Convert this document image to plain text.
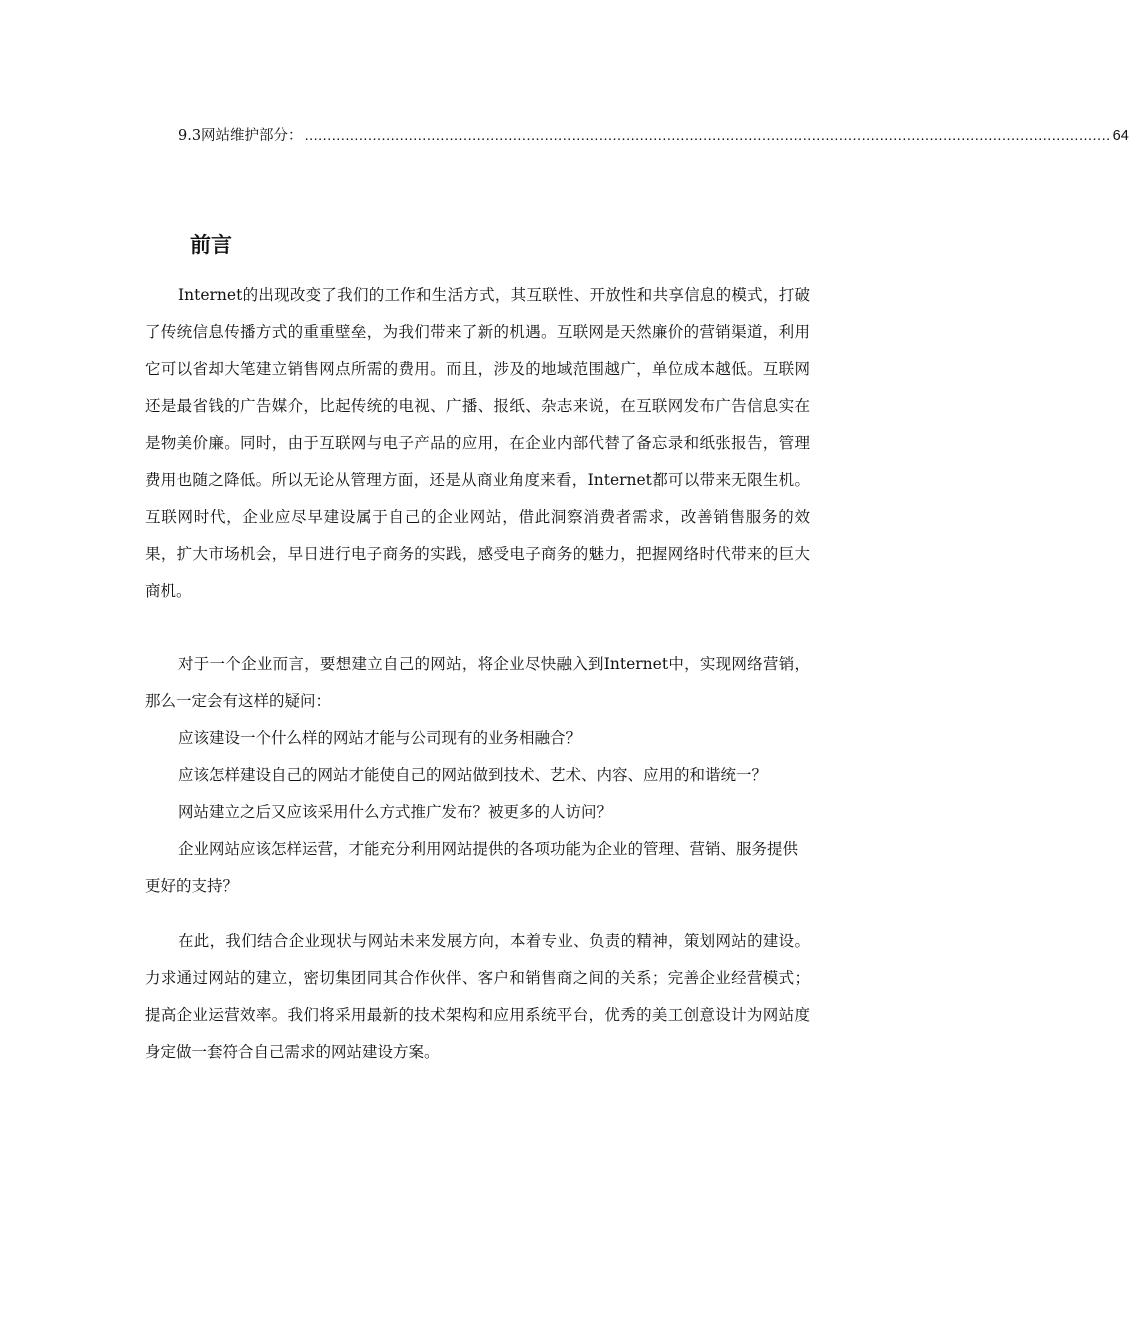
9.3网站维护部分： .................................................................................................................................................................................. 64
前言

Internet的出现改变了我们的工作和生活方式，其互联性、开放性和共享信息的模式，打破了传统信息传播方式的重重壁垒，为我们带来了新的机遇。互联网是天然廉价的营销渠道，利用它可以省却大笔建立销售网点所需的费用。而且，涉及的地域范围越广，单位成本越低。互联网还是最省钱的广告媒介，比起传统的电视、广播、报纸、杂志来说，在互联网发布广告信息实在是物美价廉。同时，由于互联网与电子产品的应用，在企业内部代替了备忘录和纸张报告，管理费用也随之降低。所以无论从管理方面，还是从商业角度来看，Internet都可以带来无限生机。互联网时代，企业应尽早建设属于自己的企业网站，借此洞察消费者需求，改善销售服务的效果，扩大市场机会，早日进行电子商务的实践，感受电子商务的魅力，把握网络时代带来的巨大商机。

对于一个企业而言，要想建立自己的网站，将企业尽快融入到Internet中，实现网络营销，那么一定会有这样的疑问：

应该建设一个什么样的网站才能与公司现有的业务相融合？

应该怎样建设自己的网站才能使自己的网站做到技术、艺术、内容、应用的和谐统一？

网站建立之后又应该采用什么方式推广发布？被更多的人访问？

企业网站应该怎样运营，才能充分利用网站提供的各项功能为企业的管理、营销、服务提供更好的支持？

在此，我们结合企业现状与网站未来发展方向，本着专业、负责的精神，策划网站的建设。力求通过网站的建立，密切集团同其合作伙伴、客户和销售商之间的关系；完善企业经营模式；提高企业运营效率。我们将采用最新的技术架构和应用系统平台，优秀的美工创意设计为网站度身定做一套符合自己需求的网站建设方案。
